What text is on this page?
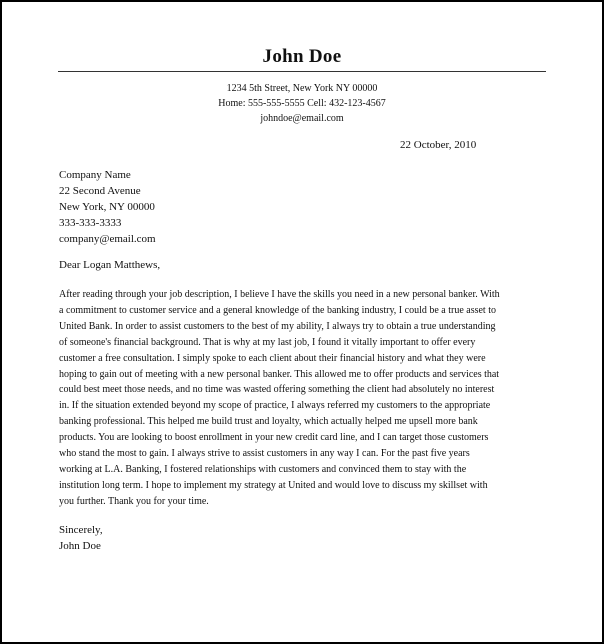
John Doe
1234 5th Street, New York NY 00000
Home: 555-555-5555 Cell: 432-123-4567
johndoe@email.com
22 October, 2010
Company Name
22 Second Avenue
New York, NY 00000
333-333-3333
company@email.com
Dear Logan Matthews,
After reading through your job description, I believe I have the skills you need in a new personal banker. With
a commitment to customer service and a general knowledge of the banking industry, I could be a true asset to
United Bank. In order to assist customers to the best of my ability, I always try to obtain a true understanding
of someone's financial background. That is why at my last job, I found it vitally important to offer every
customer a free consultation. I simply spoke to each client about their financial history and what they were
hoping to gain out of meeting with a new personal banker. This allowed me to offer products and services that
could best meet those needs, and no time was wasted offering something the client had absolutely no interest
in. If the situation extended beyond my scope of practice, I always referred my customers to the appropriate
banking professional. This helped me build trust and loyalty, which actually helped me upsell more bank
products. You are looking to boost enrollment in your new credit card line, and I can target those customers
who stand the most to gain. I always strive to assist customers in any way I can. For the past five years
working at L.A. Banking, I fostered relationships with customers and convinced them to stay with the
institution long term. I hope to implement my strategy at United and would love to discuss my skillset with
you further. Thank you for your time.
Sincerely,
John Doe
